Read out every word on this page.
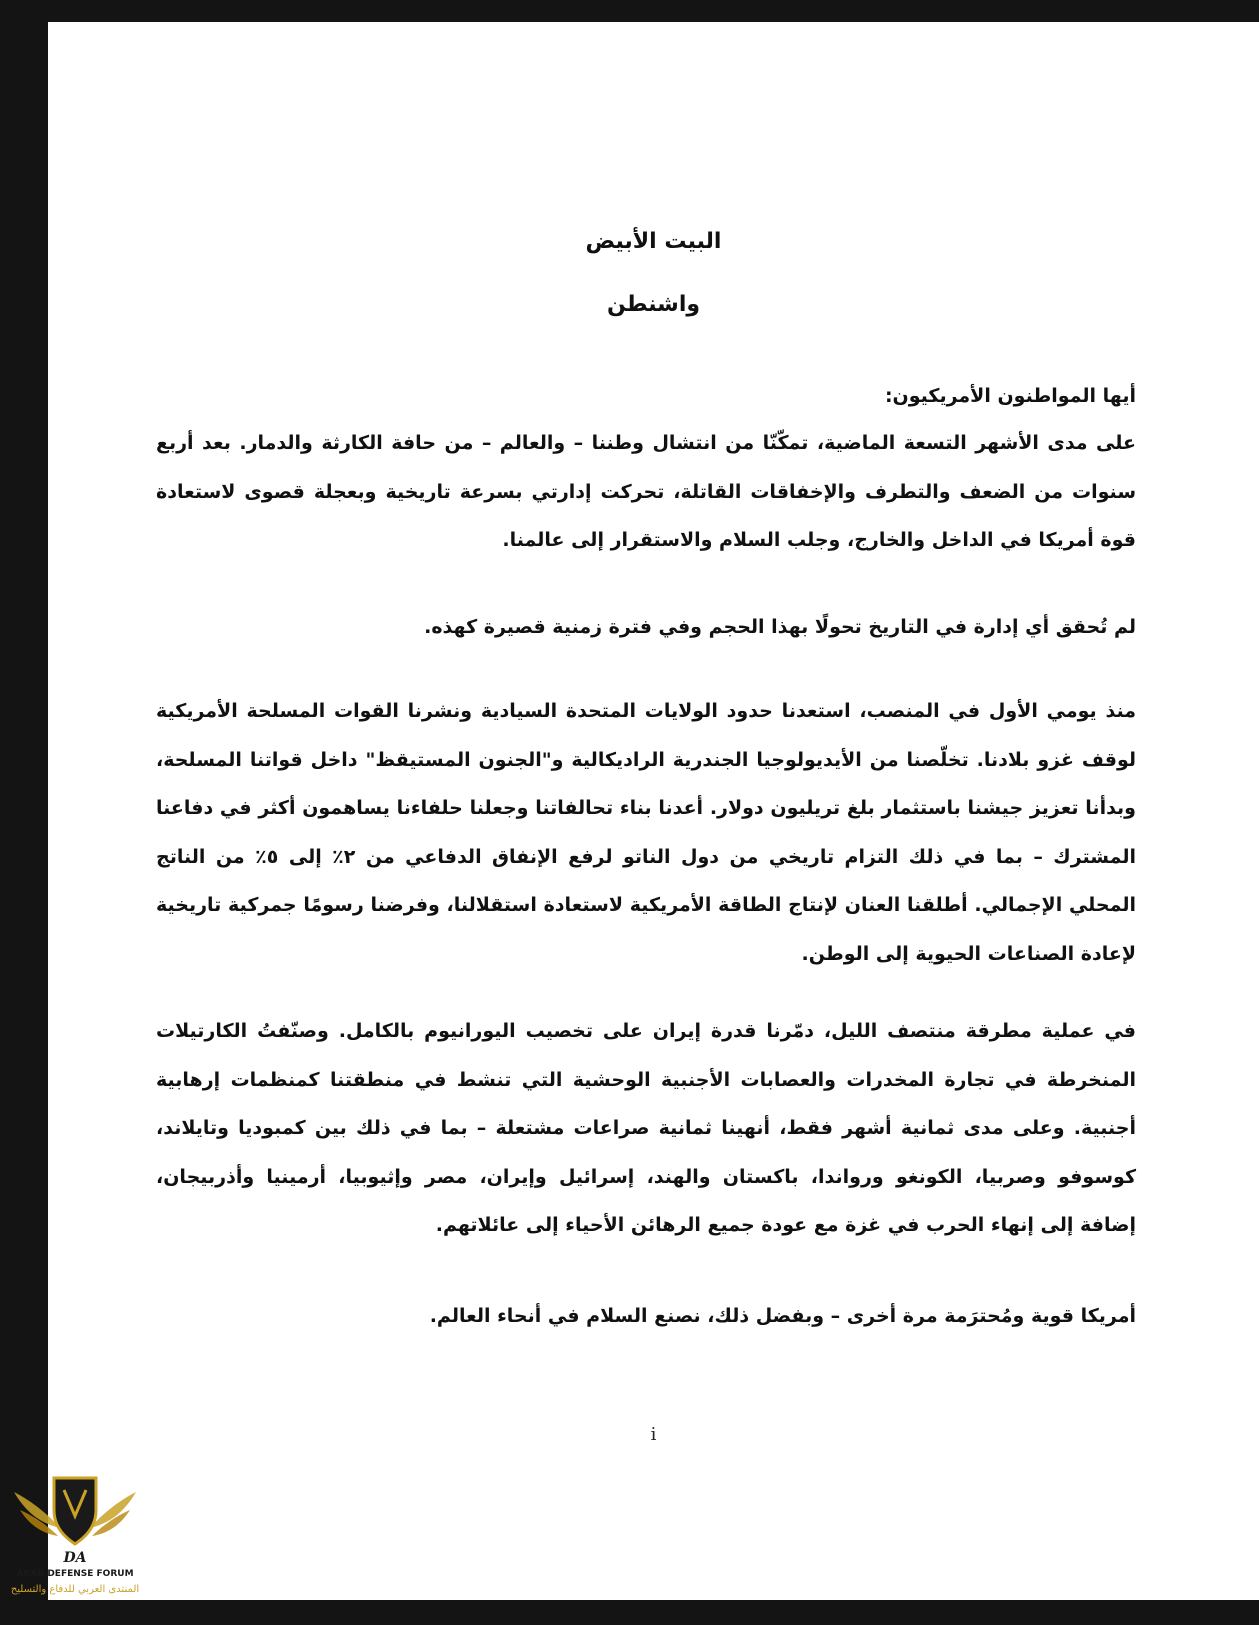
البيت الأبيض
واشنطن

أيها المواطنون الأمريكيون:

على مدى الأشهر التسعة الماضية، تمكّنّا من انتشال وطننا – والعالم – من حافة الكارثة والدمار. بعد أربع سنوات من الضعف والتطرف والإخفاقات القاتلة، تحركت إدارتي بسرعة تاريخية وبعجلة قصوى لاستعادة قوة أمريكا في الداخل والخارج، وجلب السلام والاستقرار إلى عالمنا.

لم تُحقق أي إدارة في التاريخ تحولًا بهذا الحجم وفي فترة زمنية قصيرة كهذه.

منذ يومي الأول في المنصب، استعدنا حدود الولايات المتحدة السيادية ونشرنا القوات المسلحة الأمريكية لوقف غزو بلادنا. تخلّصنا من الأيديولوجيا الجندرية الراديكالية و"الجنون المستيقظ" داخل قواتنا المسلحة، وبدأنا تعزيز جيشنا باستثمار بلغ تريليون دولار. أعدنا بناء تحالفاتنا وجعلنا حلفاءنا يساهمون أكثر في دفاعنا المشترك – بما في ذلك التزام تاريخي من دول الناتو لرفع الإنفاق الدفاعي من ٢٪ إلى ٥٪ من الناتج المحلي الإجمالي. أطلقنا العنان لإنتاج الطاقة الأمريكية لاستعادة استقلالنا، وفرضنا رسومًا جمركية تاريخية لإعادة الصناعات الحيوية إلى الوطن.

في عملية مطرقة منتصف الليل، دمّرنا قدرة إيران على تخصيب اليورانيوم بالكامل. وصنّفتُ الكارتيلات المنخرطة في تجارة المخدرات والعصابات الأجنبية الوحشية التي تنشط في منطقتنا كمنظمات إرهابية أجنبية. وعلى مدى ثمانية أشهر فقط، أنهينا ثمانية صراعات مشتعلة – بما في ذلك بين كمبوديا وتايلاند، كوسوفو وصربيا، الكونغو ورواندا، باكستان والهند، إسرائيل وإيران، مصر وإثيوبيا، أرمينيا وأذربيجان، إضافة إلى إنهاء الحرب في غزة مع عودة جميع الرهائن الأحياء إلى عائلاتهم.

أمريكا قوية ومُحترَمة مرة أخرى – وبفضل ذلك، نصنع السلام في أنحاء العالم.

i
DA
ARAB DEFENSE FORUM
المنتدى العربي للدفاع والتسليح
